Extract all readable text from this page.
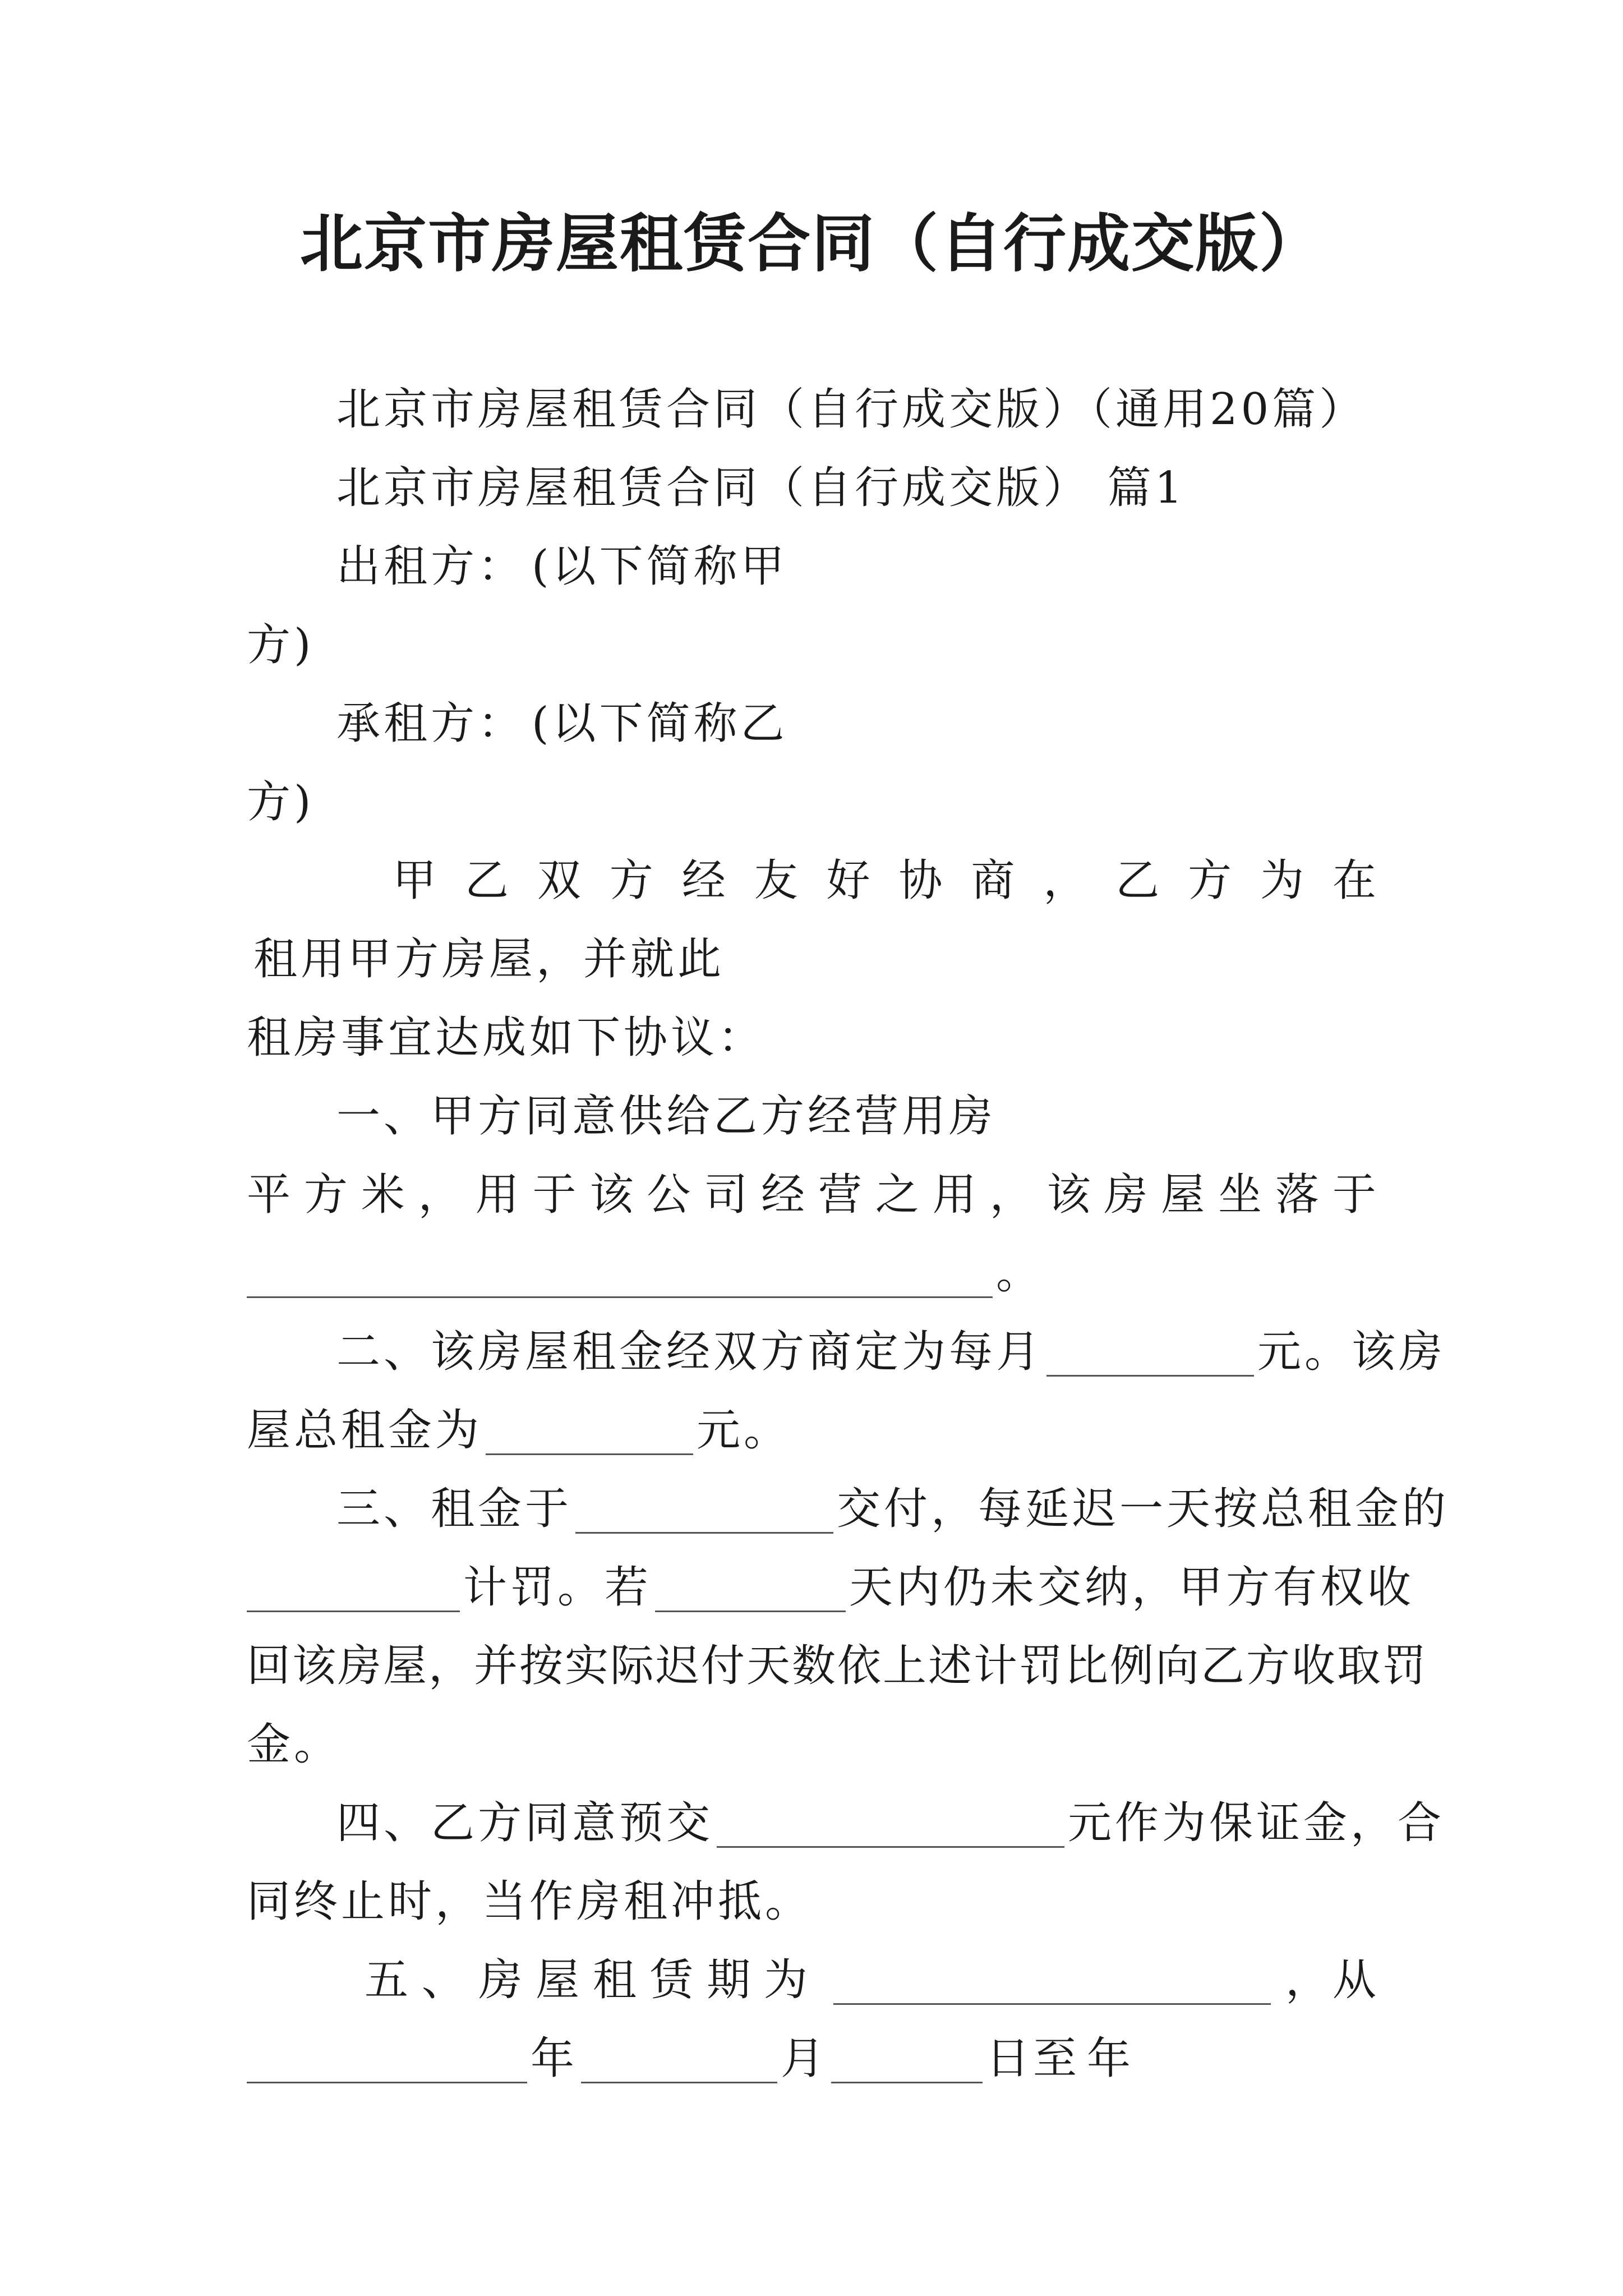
北京市房屋租赁合同（自行成交版）
北京市房屋租赁合同（自行成交版）（通用20篇）
北京市房屋租赁合同（自行成交版） 篇1
出租方： (以下简称甲
方)
承租方： (以下简称乙
方)
甲 乙 双 方 经 友 好 协 商 ， 乙 方 为 在
租用甲方房屋，并就此
租房事宜达成如下协议：
一、甲方同意供给乙方经营用房
平 方 米 ， 用 于 该 公 司 经 营 之 用 ， 该 房 屋 坐 落 于
。
二、该房屋租金经双方商定为每月	元。该房
屋总租金为	元。
三、租金于	交付，每延迟一天按总租金的
计罚。若	天内仍未交纳，甲方有权收
回该房屋，并按实际迟付天数依上述计罚比例向乙方收取罚
金。
四、乙方同意预交	元作为保证金，合
同终止时，当作房租冲抵。
五 、 房 屋 租 赁 期 为	， 从
年	月	日至 年
